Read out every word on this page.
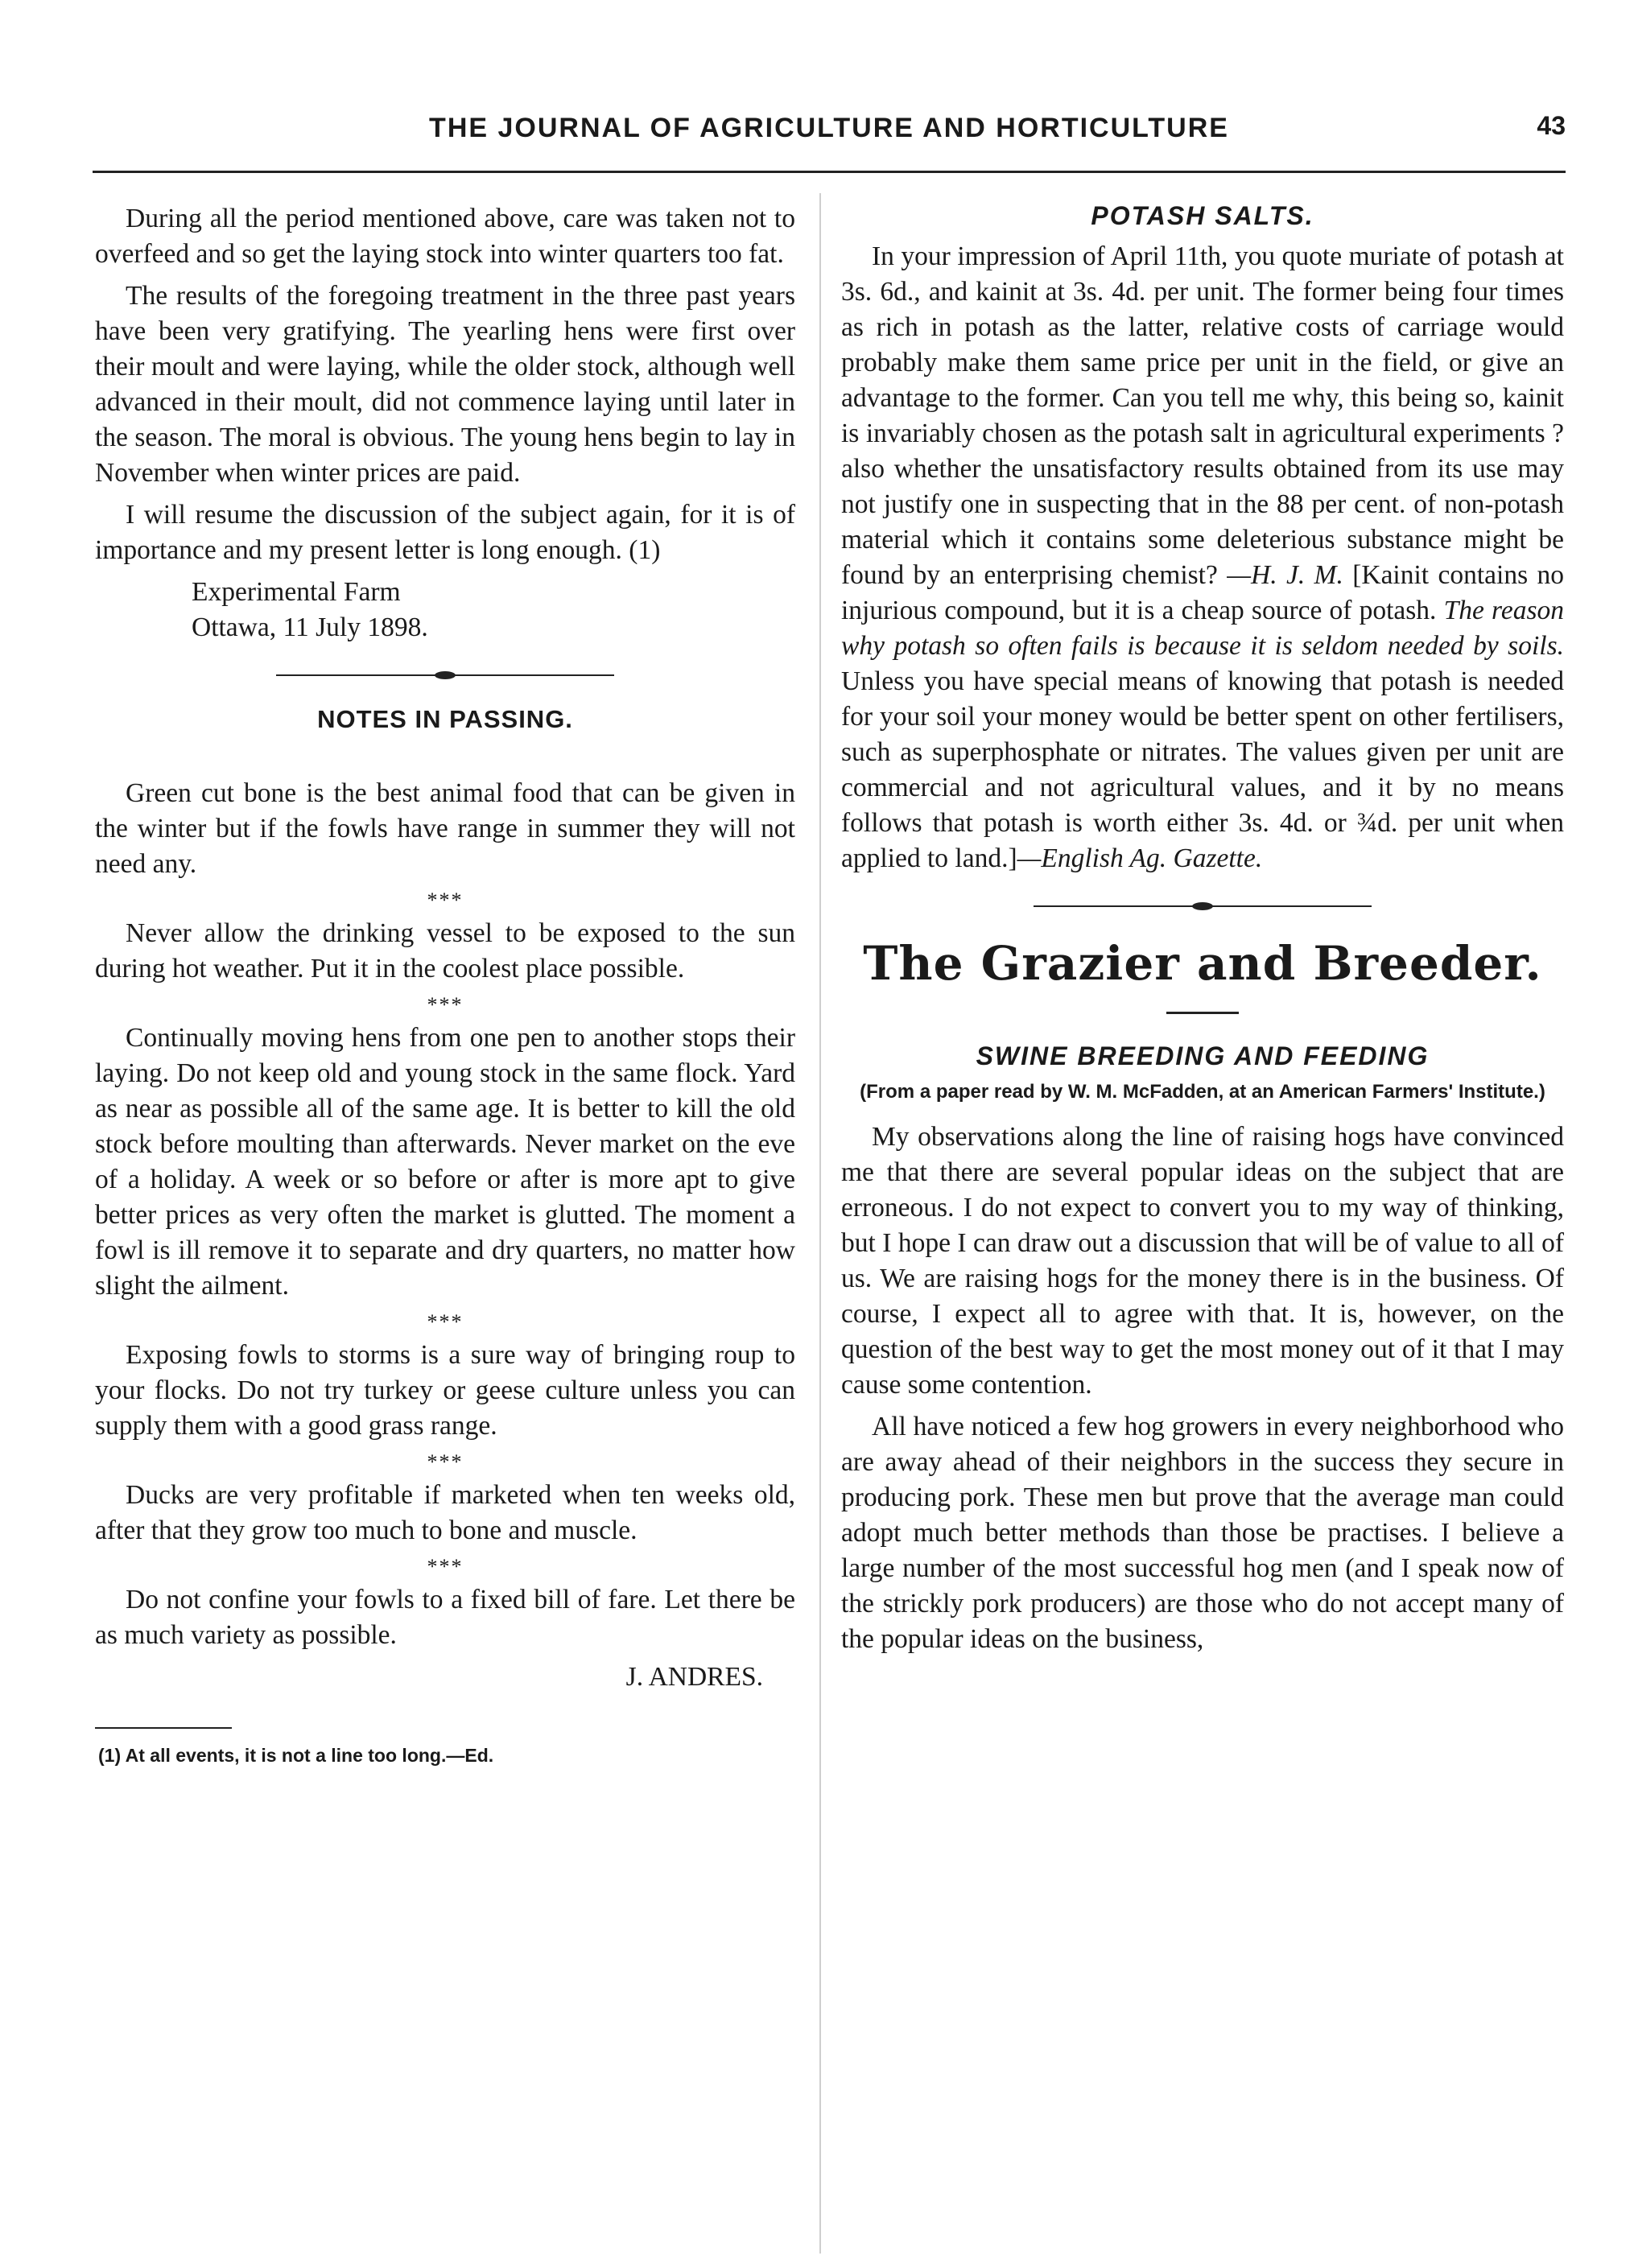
THE JOURNAL OF AGRICULTURE AND HORTICULTURE	43

During all the period mentioned above, care was taken not to overfeed and so get the laying stock into winter quarters too fat.

The results of the foregoing treatment in the three past years have been very gratifying. The yearling hens were first over their moult and were laying, while the older stock, although well advanced in their moult, did not commence laying until later in the season. The moral is obvious. The young hens begin to lay in November when winter prices are paid.

I will resume the discussion of the subject again, for it is of importance and my present letter is long enough. (1)

Experimental Farm
Ottawa, 11 July 1898.
NOTES IN PASSING.

Green cut bone is the best animal food that can be given in the winter but if the fowls have range in summer they will not need any.

***

Never allow the drinking vessel to be exposed to the sun during hot weather. Put it in the coolest place possible.

***

Continually moving hens from one pen to another stops their laying. Do not keep old and young stock in the same flock. Yard as near as possible all of the same age. It is better to kill the old stock before moulting than afterwards. Never market on the eve of a holiday. A week or so before or after is more apt to give better prices as very often the market is glutted. The moment a fowl is ill remove it to separate and dry quarters, no matter how slight the ailment.

***

Exposing fowls to storms is a sure way of bringing roup to your flocks. Do not try turkey or geese culture unless you can supply them with a good grass range.

***

Ducks are very profitable if marketed when ten weeks old, after that they grow too much to bone and muscle.

***

Do not confine your fowls to a fixed bill of fare. Let there be as much variety as possible.

J. ANDRES.
(1) At all events, it is not a line too long.—Ed.
POTASH SALTS.

In your impression of April 11th, you quote muriate of potash at 3s. 6d., and kainit at 3s. 4d. per unit. The former being four times as rich in potash as the latter, relative costs of carriage would probably make them same price per unit in the field, or give an advantage to the former. Can you tell me why, this being so, kainit is invariably chosen as the potash salt in agricultural experiments ? also whether the unsatisfactory results obtained from its use may not justify one in suspecting that in the 88 per cent. of non-potash material which it contains some deleterious substance might be found by an enterprising chemist? —H. J. M. [Kainit contains no injurious compound, but it is a cheap source of potash. The reason why potash so often fails is because it is seldom needed by soils. Unless you have special means of knowing that potash is needed for your soil your money would be better spent on other fertilisers, such as superphosphate or nitrates. The values given per unit are commercial and not agricultural values, and it by no means follows that potash is worth either 3s. 4d. or ¾d. per unit when applied to land.]—English Ag. Gazette.

The Grazier and Breeder.
SWINE BREEDING AND FEEDING
(From a paper read by W. M. McFadden, at an American Farmers' Institute.)

My observations along the line of raising hogs have convinced me that there are several popular ideas on the subject that are erroneous. I do not expect to convert you to my way of thinking, but I hope I can draw out a discussion that will be of value to all of us. We are raising hogs for the money there is in the business. Of course, I expect all to agree with that. It is, however, on the question of the best way to get the most money out of it that I may cause some contention.

All have noticed a few hog growers in every neighborhood who are away ahead of their neighbors in the success they secure in producing pork. These men but prove that the average man could adopt much better methods than those be practises. I believe a large number of the most successful hog men (and I speak now of the strickly pork producers) are those who do not accept many of the popular ideas on the business,
